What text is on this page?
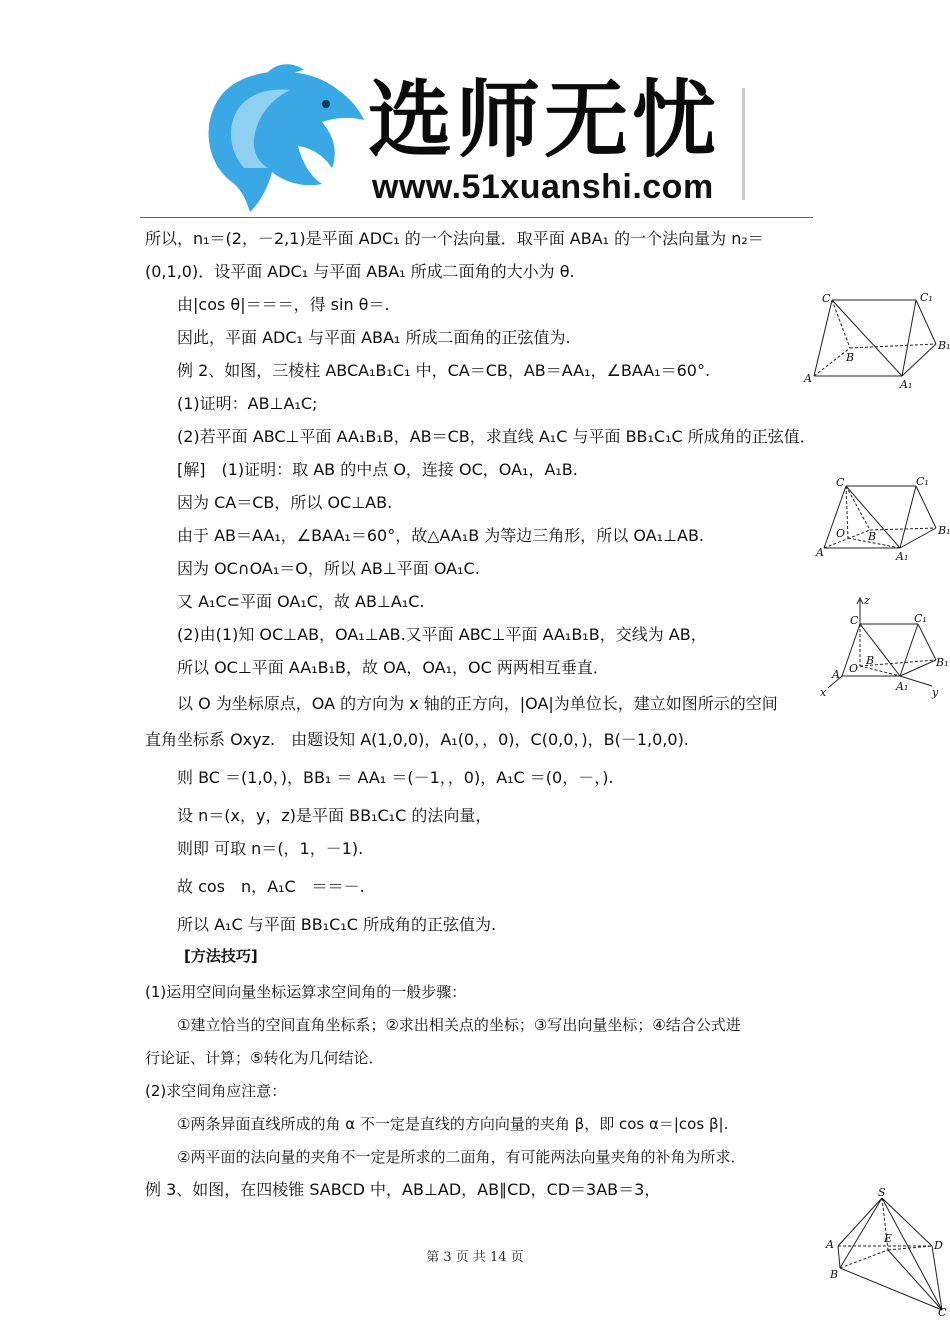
选师无忧
www.51xuanshi.com
所以，n₁＝(2，－2,1)是平面 ADC₁ 的一个法向量．取平面 ABA₁ 的一个法向量为 n₂＝
(0,1,0)．设平面 ADC₁ 与平面 ABA₁ 所成二面角的大小为 θ.
由|cos θ|＝＝＝，得 sin θ＝.
因此，平面 ADC₁ 与平面 ABA₁ 所成二面角的正弦值为.
例 2、如图，三棱柱 ABCA₁B₁C₁ 中，CA＝CB，AB＝AA₁，∠BAA₁＝60°.
(1)证明：AB⊥A₁C;
(2)若平面 ABC⊥平面 AA₁B₁B，AB＝CB，求直线 A₁C 与平面 BB₁C₁C 所成角的正弦值．
[解]　(1)证明：取 AB 的中点 O，连接 OC，OA₁，A₁B.
因为 CA＝CB，所以 OC⊥AB.
由于 AB＝AA₁，∠BAA₁＝60°，故△AA₁B 为等边三角形，所以 OA₁⊥AB.
因为 OC∩OA₁＝O，所以 AB⊥平面 OA₁C.
又 A₁C⊂平面 OA₁C，故 AB⊥A₁C.
(2)由(1)知 OC⊥AB，OA₁⊥AB.又平面 ABC⊥平面 AA₁B₁B，交线为 AB，
所以 OC⊥平面 AA₁B₁B，故 OA，OA₁，OC 两两相互垂直．
以 O 为坐标原点，OA 的方向为 x 轴的正方向，|OA|为单位长，建立如图所示的空间
直角坐标系 Oxyz.　由题设知 A(1,0,0)，A₁(0，，0)，C(0,0，)，B(－1,0,0).
则 BC ＝(1,0，)，BB₁ ＝ AA₁ ＝(－1，，0)，A₁C ＝(0，－，).
设 n＝(x，y，z)是平面 BB₁C₁C 的法向量，
则即 可取 n＝(，1，－1).
故 cos　n，A₁C　＝＝－.
所以 A₁C 与平面 BB₁C₁C 所成角的正弦值为.
[方法技巧]
(1)运用空间向量坐标运算求空间角的一般步骤：
①建立恰当的空间直角坐标系；②求出相关点的坐标；③写出向量坐标；④结合公式进
行论证、计算；⑤转化为几何结论．
(2)求空间角应注意：
①两条异面直线所成的角 α 不一定是直线的方向向量的夹角 β，即 cos α＝|cos β|.
②两平面的法向量的夹角不一定是所求的二面角，有可能两法向量夹角的补角为所求．
例 3、如图，在四棱锥 SABCD 中，AB⊥AD，AB∥CD，CD＝3AB＝3，
C	C₁
B
B₁
A	A₁
C	C₁
O B	B₁
A	A₁
z
C	C₁
O
B	B₁
A
A₁
x	y
S
A	E
D
B
C
第 3 页 共 14 页
